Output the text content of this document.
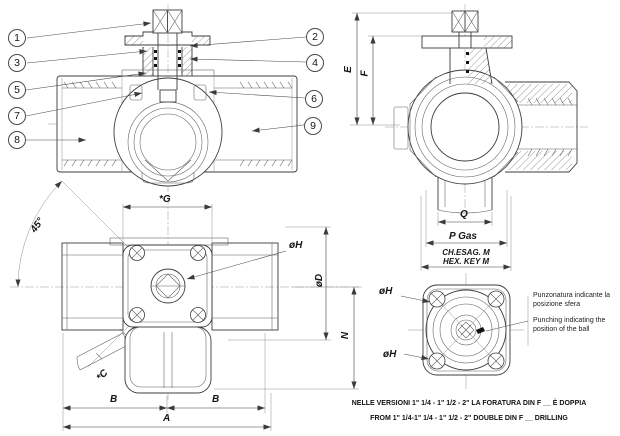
1
3
5
7
8
2
4
6
9
E
F
Q
P Gas
CH.ESAG. M
HEX. KEY M
45°
*G
øH
øD
N
*C
B	B
A
øH
øH
Punzonatura indicante la posizione sfera
Punching indicating the position of the ball
NELLE VERSIONI 1" 1/4 - 1" 1/2 - 2" LA FORATURA DIN F __ È DOPPIA
FROM 1" 1/4-1" 1/4 - 1" 1/2 - 2" DOUBLE DIN F __ DRILLING
